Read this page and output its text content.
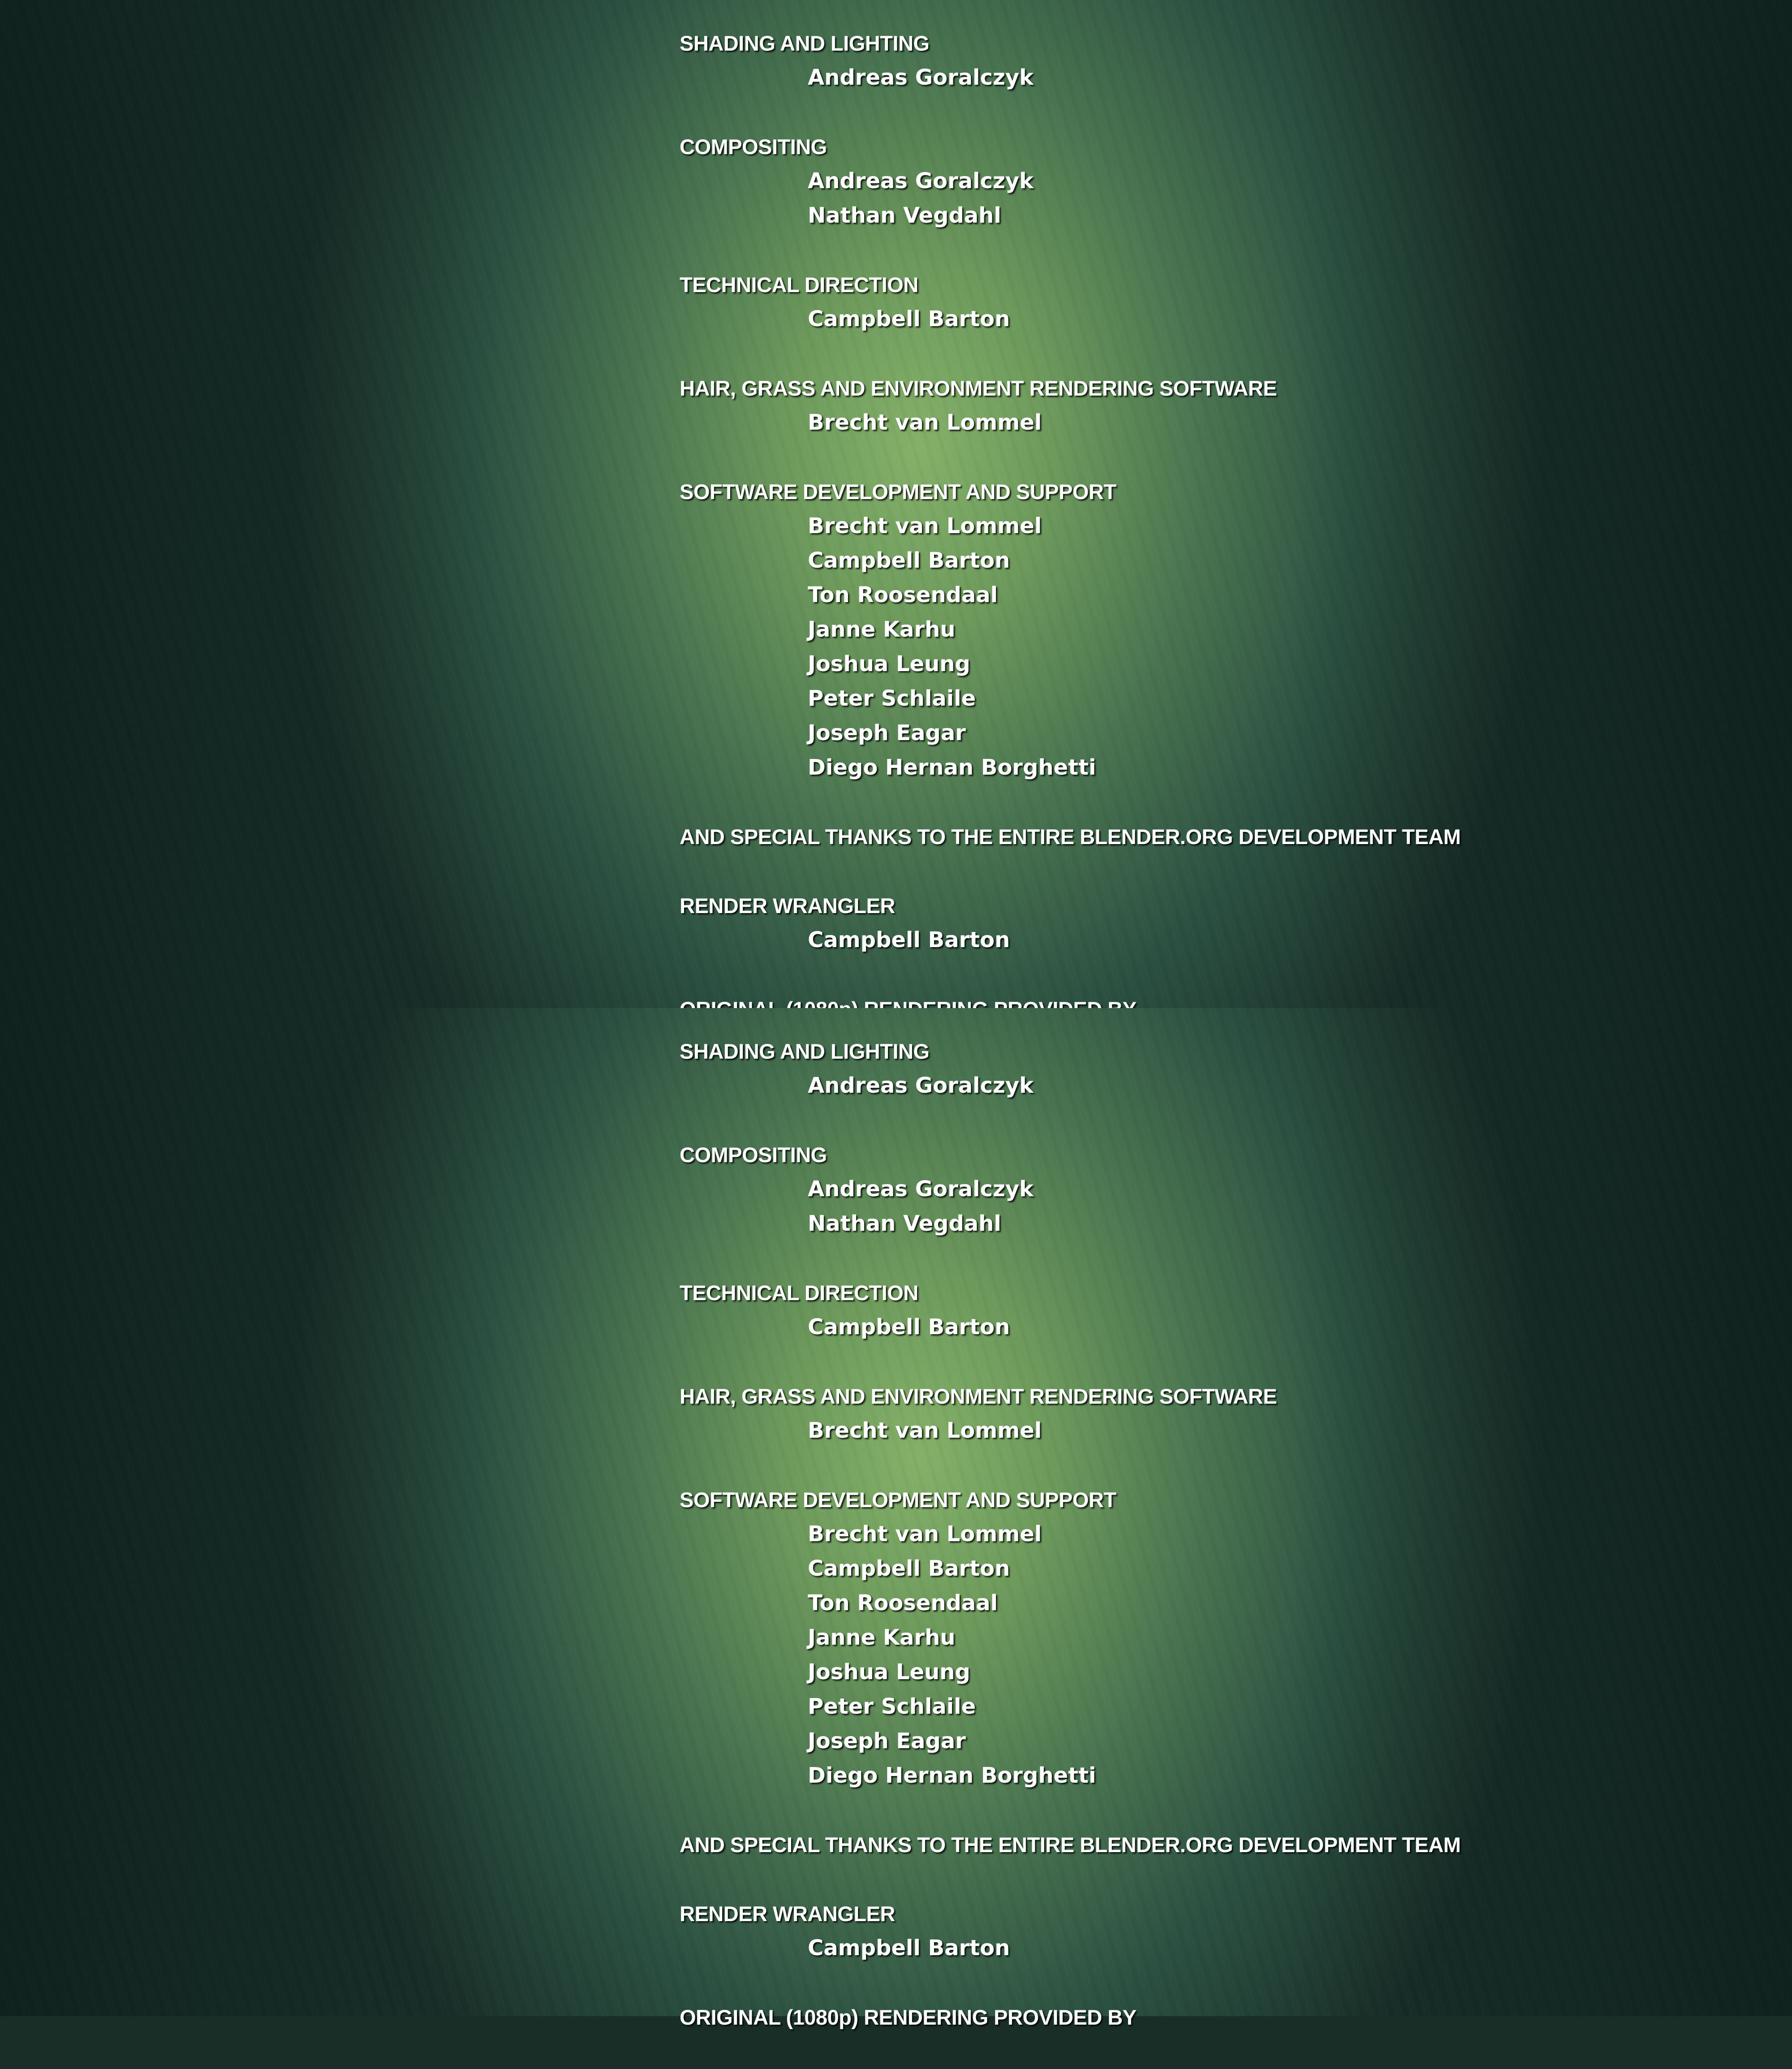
SHADING AND LIGHTING
Andreas Goralczyk
COMPOSITING
Andreas Goralczyk
Nathan Vegdahl
TECHNICAL DIRECTION
Campbell Barton
HAIR, GRASS AND ENVIRONMENT RENDERING SOFTWARE
Brecht van Lommel
SOFTWARE DEVELOPMENT AND SUPPORT
Brecht van Lommel
Campbell Barton
Ton Roosendaal
Janne Karhu
Joshua Leung
Peter Schlaile
Joseph Eagar
Diego Hernan Borghetti
AND SPECIAL THANKS TO THE ENTIRE BLENDER.ORG DEVELOPMENT TEAM
RENDER WRANGLER
Campbell Barton
SHADING AND LIGHTING
Andreas Goralczyk
COMPOSITING
Andreas Goralczyk
Nathan Vegdahl
TECHNICAL DIRECTION
Campbell Barton
HAIR, GRASS AND ENVIRONMENT RENDERING SOFTWARE
Brecht van Lommel
SOFTWARE DEVELOPMENT AND SUPPORT
Brecht van Lommel
Campbell Barton
Ton Roosendaal
Janne Karhu
Joshua Leung
Peter Schlaile
Joseph Eagar
Diego Hernan Borghetti
AND SPECIAL THANKS TO THE ENTIRE BLENDER.ORG DEVELOPMENT TEAM
RENDER WRANGLER
Campbell Barton
ORIGINAL (1080p) RENDERING PROVIDED BY
